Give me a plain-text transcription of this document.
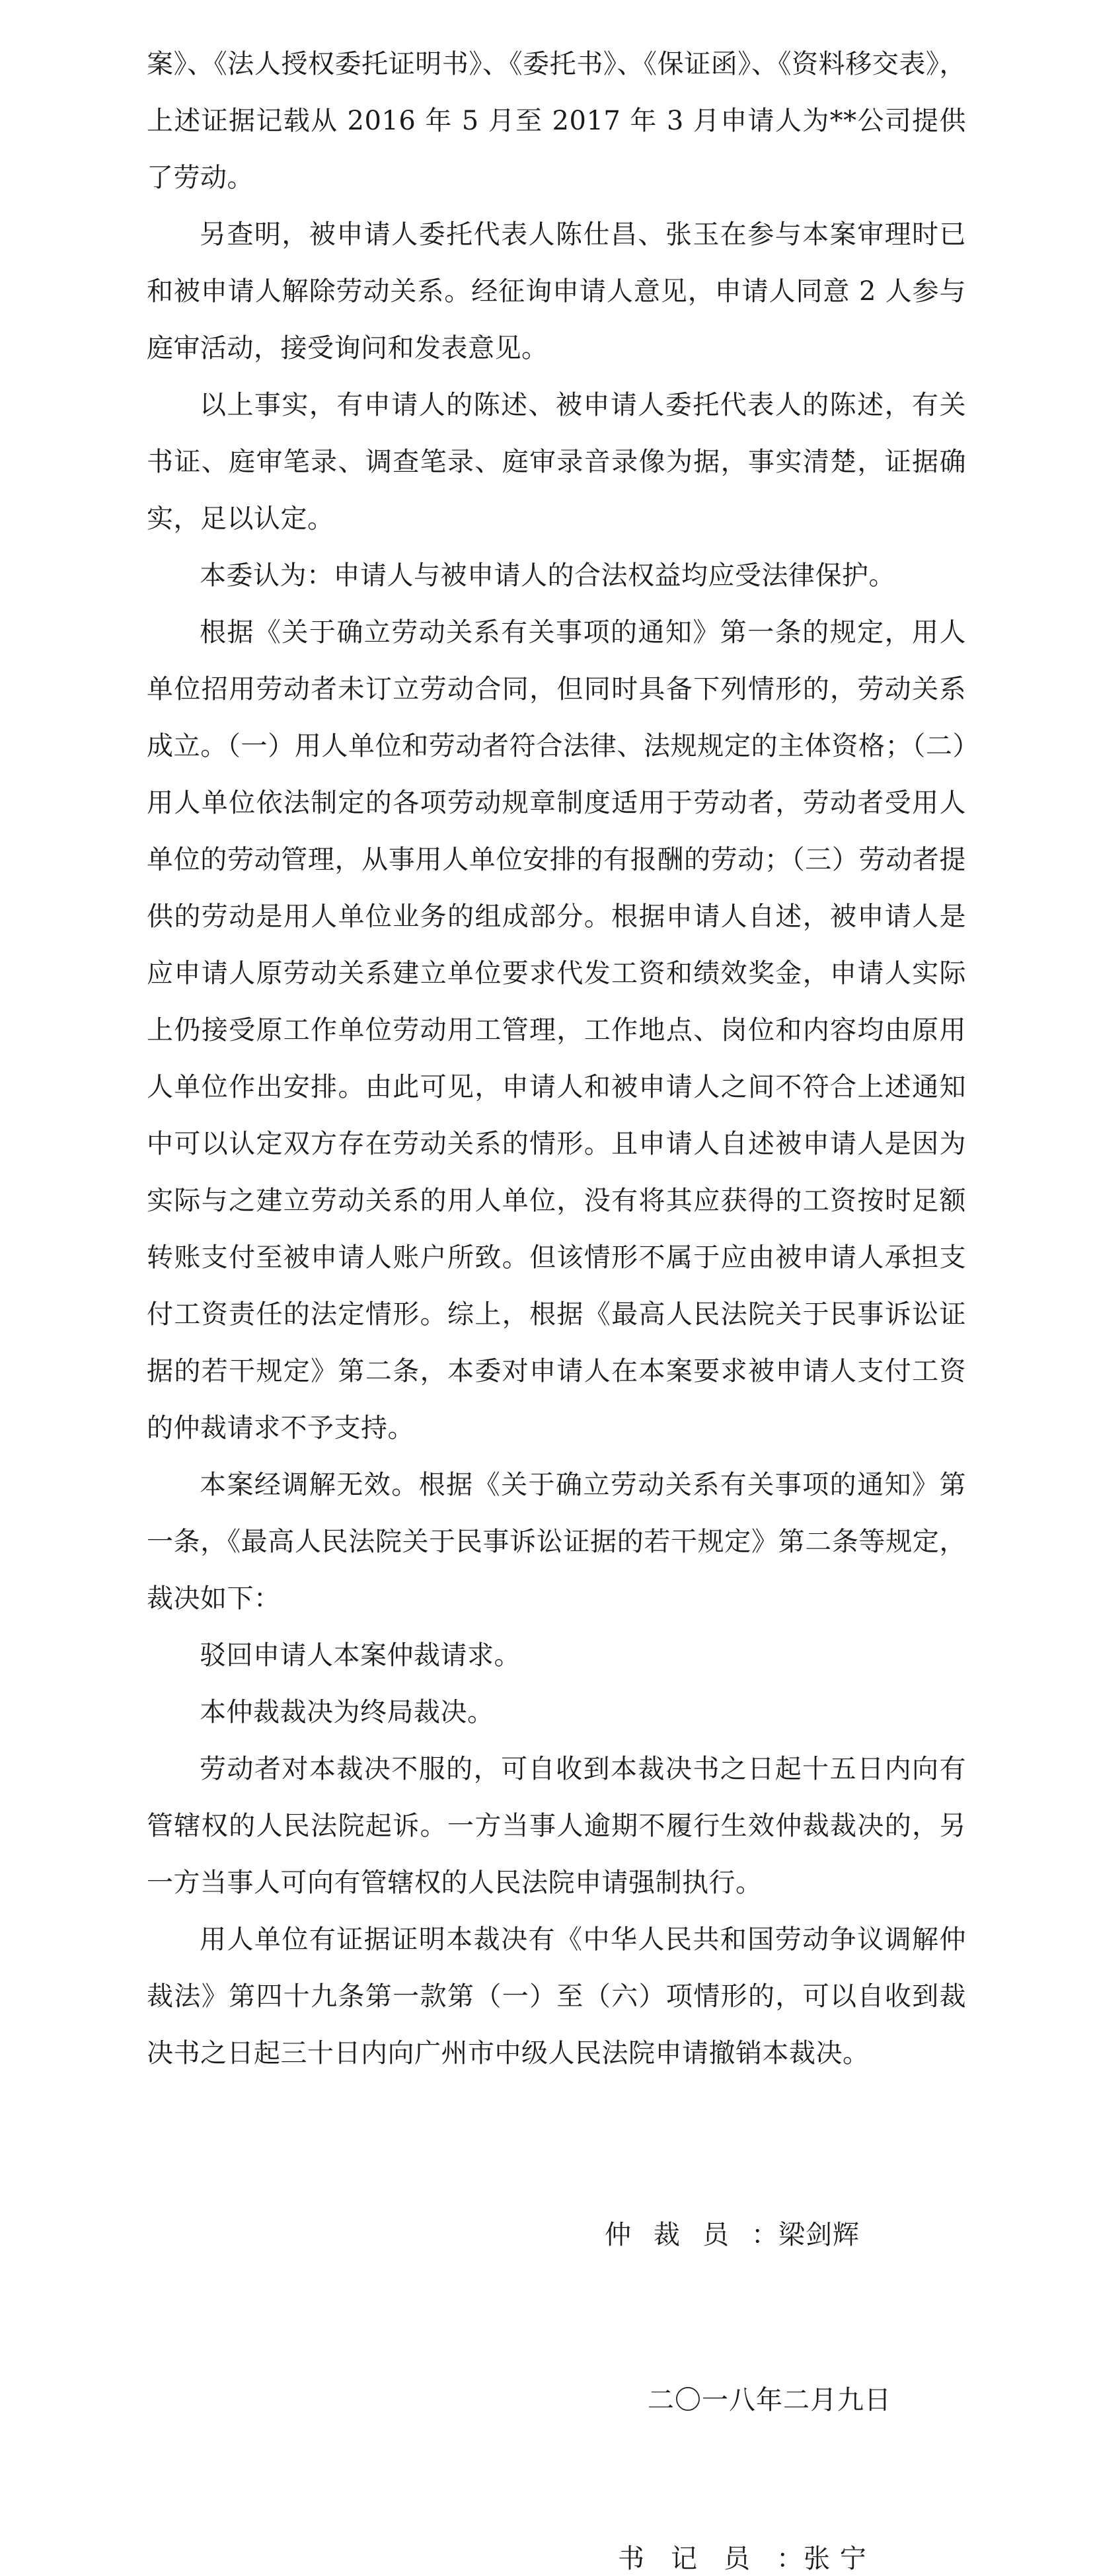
案》、《法人授权委托证明书》、《委托书》、《保证函》、《资料移交表》，上述证据记载从 2016 年 5 月至 2017 年 3 月申请人为**公司提供了劳动。

另查明，被申请人委托代表人陈仕昌、张玉在参与本案审理时已和被申请人解除劳动关系。经征询申请人意见，申请人同意 2 人参与庭审活动，接受询问和发表意见。

以上事实，有申请人的陈述、被申请人委托代表人的陈述，有关书证、庭审笔录、调查笔录、庭审录音录像为据，事实清楚，证据确实，足以认定。

本委认为：申请人与被申请人的合法权益均应受法律保护。

根据《关于确立劳动关系有关事项的通知》第一条的规定，用人单位招用劳动者未订立劳动合同，但同时具备下列情形的，劳动关系成立。（一）用人单位和劳动者符合法律、法规规定的主体资格；（二）用人单位依法制定的各项劳动规章制度适用于劳动者，劳动者受用人单位的劳动管理，从事用人单位安排的有报酬的劳动；（三）劳动者提供的劳动是用人单位业务的组成部分。根据申请人自述，被申请人是应申请人原劳动关系建立单位要求代发工资和绩效奖金，申请人实际上仍接受原工作单位劳动用工管理，工作地点、岗位和内容均由原用人单位作出安排。由此可见，申请人和被申请人之间不符合上述通知中可以认定双方存在劳动关系的情形。且申请人自述被申请人是因为实际与之建立劳动关系的用人单位，没有将其应获得的工资按时足额转账支付至被申请人账户所致。但该情形不属于应由被申请人承担支付工资责任的法定情形。综上，根据《最高人民法院关于民事诉讼证据的若干规定》第二条，本委对申请人在本案要求被申请人支付工资的仲裁请求不予支持。

本案经调解无效。根据《关于确立劳动关系有关事项的通知》第一条，《最高人民法院关于民事诉讼证据的若干规定》第二条等规定，裁决如下：

驳回申请人本案仲裁请求。

本仲裁裁决为终局裁决。

劳动者对本裁决不服的，可自收到本裁决书之日起十五日内向有管辖权的人民法院起诉。一方当事人逾期不履行生效仲裁裁决的，另一方当事人可向有管辖权的人民法院申请强制执行。

用人单位有证据证明本裁决有《中华人民共和国劳动争议调解仲裁法》第四十九条第一款第（一）至（六）项情形的，可以自收到裁决书之日起三十日内向广州市中级人民法院申请撤销本裁决。

仲裁员：梁剑辉
二〇一八年二月九日
书记员：张 宁
